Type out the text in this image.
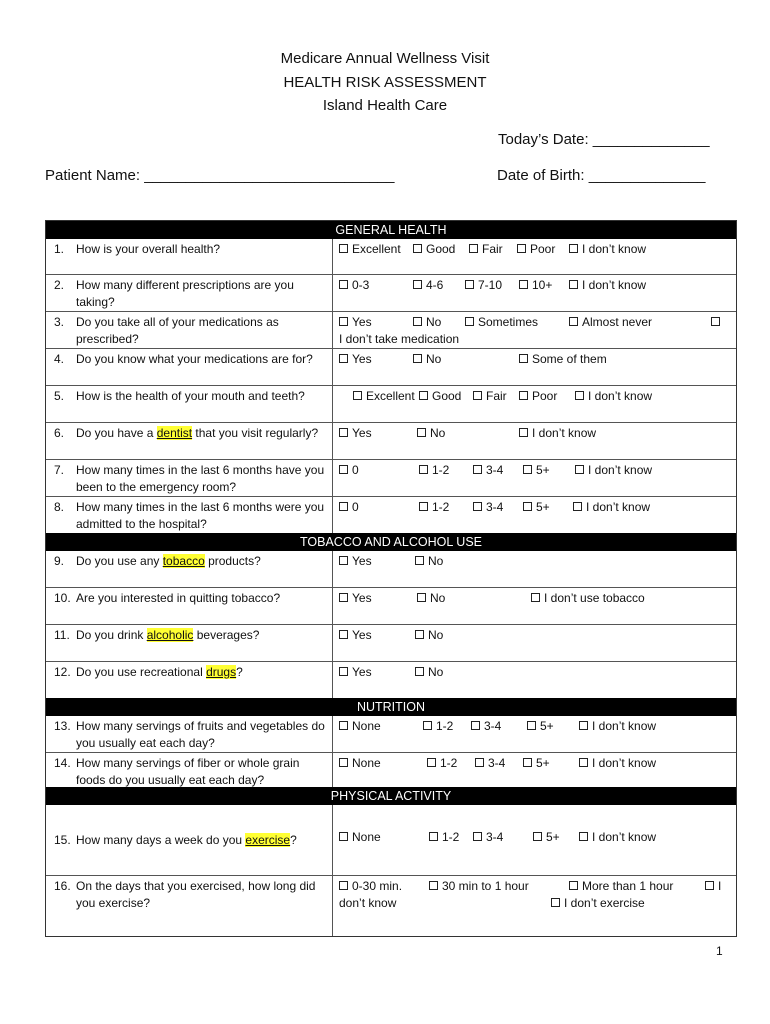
Medicare Annual Wellness Visit
HEALTH RISK ASSESSMENT
Island Health Care
Today’s Date: ______________
Patient Name: ______________________________	Date of Birth: ______________
GENERAL HEALTH
1. How is your overall health?	Excellent	Good	Fair	Poor	I don’t know
2. How many different prescriptions are you taking?
0-3	4-6	7-10	10+	I don’t know
3. Do you take all of your medications as prescribed?
Yes	No	Sometimes	Almost never
I don’t take medication
4. Do you know what your medications are for?	Yes	No	Some of them
5. How is the health of your mouth and teeth?	Excellent	Good	Fair	Poor	I don’t know
6. Do you have a dentist that you visit regularly?	Yes	No	I don’t know
7. How many times in the last 6 months have you been to the emergency room?
0	1-2	3-4	5+	I don’t know
8. How many times in the last 6 months were you admitted to the hospital?
0	1-2	3-4	5+	I don’t know
TOBACCO AND ALCOHOL USE
9. Do you use any tobacco products?	Yes	No
10. Are you interested in quitting tobacco?	Yes	No	I don’t use tobacco
11. Do you drink alcoholic beverages?	Yes	No
12. Do you use recreational drugs?	Yes	No
NUTRITION
13. How many servings of fruits and vegetables do you usually eat each day?
None	1-2	3-4	5+	I don’t know
14. How many servings of fiber or whole grain foods do you usually eat each day?
None	1-2	3-4	5+	I don’t know
PHYSICAL ACTIVITY
15. How many days a week do you exercise?	None	1-2	3-4	5+	I don’t know
16. On the days that you exercised, how long did you exercise?
0-30 min.	30 min to 1 hour	More than 1 hour	I
don’t know	I don’t exercise
1
